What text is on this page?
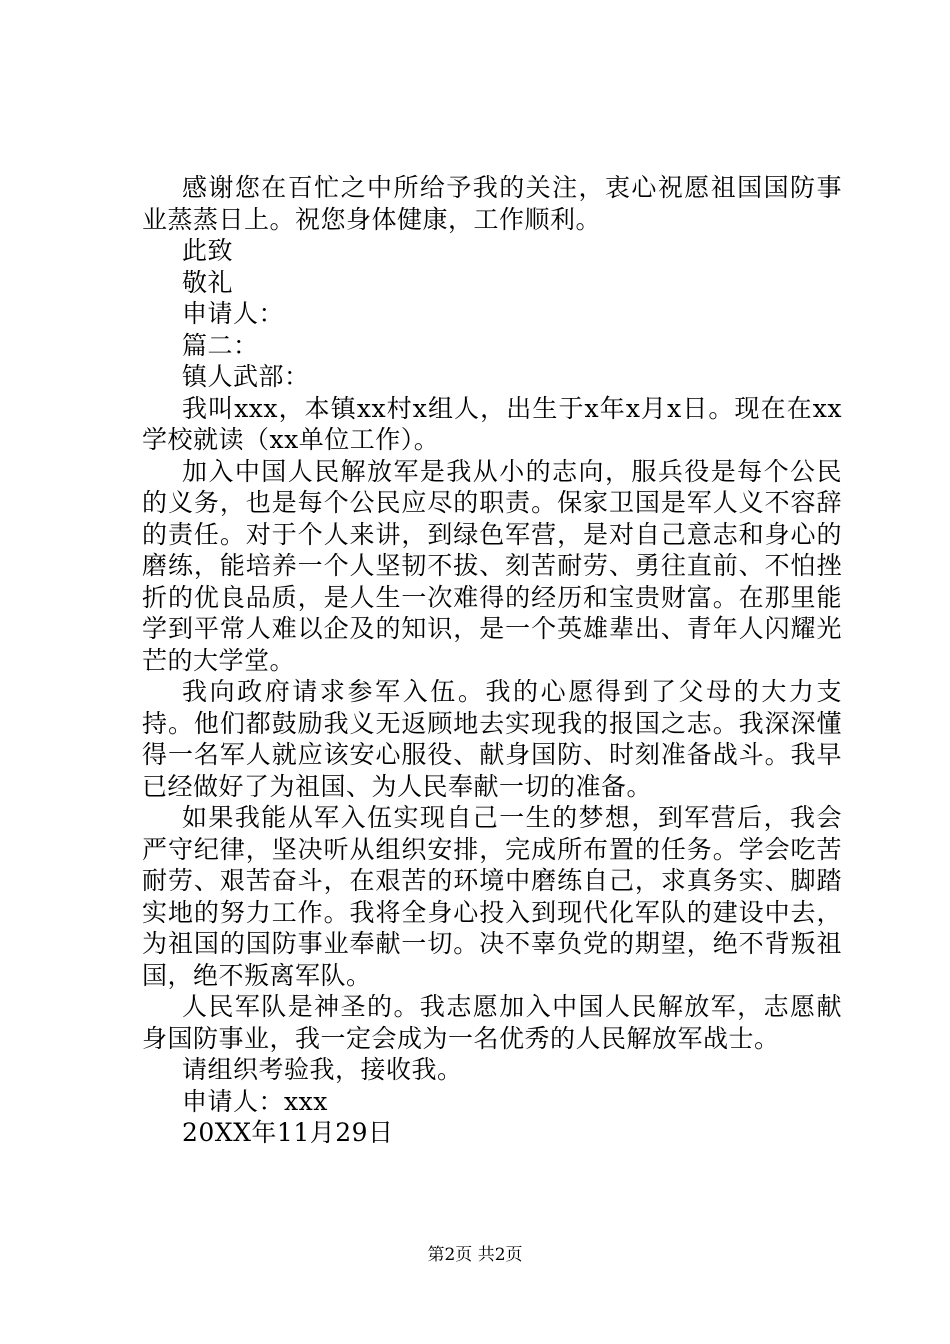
感谢您在百忙之中所给予我的关注，衷心祝愿祖国国防事业蒸蒸日上。祝您身体健康，工作顺利。

此致

敬礼

申请人：

篇二：

镇人武部：

我叫xxx，本镇xx村x组人，出生于x年x月x日。现在在xx学校就读（xx单位工作）。

加入中国人民解放军是我从小的志向，服兵役是每个公民的义务，也是每个公民应尽的职责。保家卫国是军人义不容辞的责任。对于个人来讲，到绿色军营，是对自己意志和身心的磨练，能培养一个人坚韧不拔、刻苦耐劳、勇往直前、不怕挫折的优良品质，是人生一次难得的经历和宝贵财富。在那里能学到平常人难以企及的知识，是一个英雄辈出、青年人闪耀光芒的大学堂。

我向政府请求参军入伍。我的心愿得到了父母的大力支持。他们都鼓励我义无返顾地去实现我的报国之志。我深深懂得一名军人就应该安心服役、献身国防、时刻准备战斗。我早已经做好了为祖国、为人民奉献一切的准备。

如果我能从军入伍实现自己一生的梦想，到军营后，我会严守纪律，坚决听从组织安排，完成所布置的任务。学会吃苦耐劳、艰苦奋斗，在艰苦的环境中磨练自己，求真务实、脚踏实地的努力工作。我将全身心投入到现代化军队的建设中去，为祖国的国防事业奉献一切。决不辜负党的期望，绝不背叛祖国，绝不叛离军队。

人民军队是神圣的。我志愿加入中国人民解放军，志愿献身国防事业，我一定会成为一名优秀的人民解放军战士。

请组织考验我，接收我。

申请人：xxx

20XX年11月29日

第2页 共2页
